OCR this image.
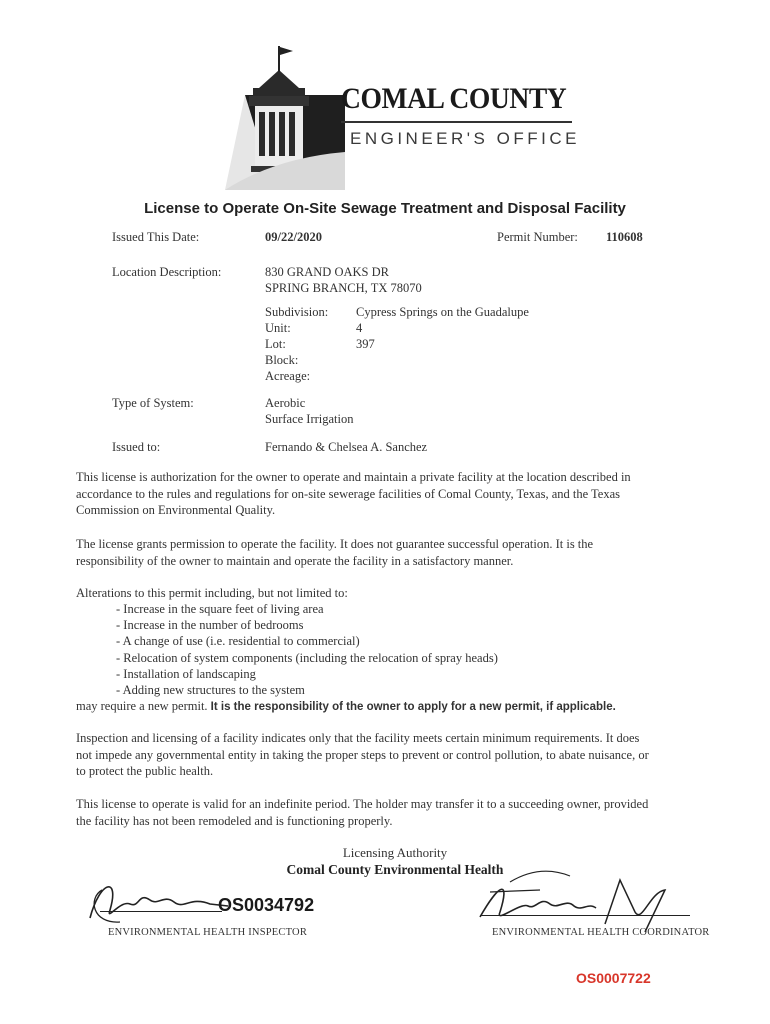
COMAL COUNTY
ENGINEER'S OFFICE
License to Operate On-Site Sewage Treatment and Disposal Facility
Issued This Date:	09/22/2020	Permit Number: 110608
Location Description:	830 GRAND OAKS DR
SPRING BRANCH, TX 78070
Subdivision: Cypress Springs on the Guadalupe
Unit:	4
Lot:	397
Block:
Acreage:
Type of System:	Aerobic
Surface Irrigation
Issued to:	Fernando & Chelsea A. Sanchez
This license is authorization for the owner to operate and maintain a private facility at the location described in accordance to the rules and regulations for on-site sewerage facilities of Comal County, Texas, and the Texas Commission on Environmental Quality.
The license grants permission to operate the facility. It does not guarantee successful operation. It is the responsibility of the owner to maintain and operate the facility in a satisfactory manner.
Alterations to this permit including, but not limited to:
- Increase in the square feet of living area
- Increase in the number of bedrooms
- A change of use (i.e. residential to commercial)
- Relocation of system components (including the relocation of spray heads)
- Installation of landscaping
- Adding new structures to the system
may require a new permit. It is the responsibility of the owner to apply for a new permit, if applicable.
Inspection and licensing of a facility indicates only that the facility meets certain minimum requirements. It does not impede any governmental entity in taking the proper steps to prevent or control pollution, to abate nuisance, or to protect the public health.
This license to operate is valid for an indefinite period. The holder may transfer it to a succeeding owner, provided the facility has not been remodeled and is functioning properly.
Licensing Authority
Comal County Environmental Health
OS0034792
ENVIRONMENTAL HEALTH INSPECTOR	ENVIRONMENTAL HEALTH COORDINATOR
OS0007722
